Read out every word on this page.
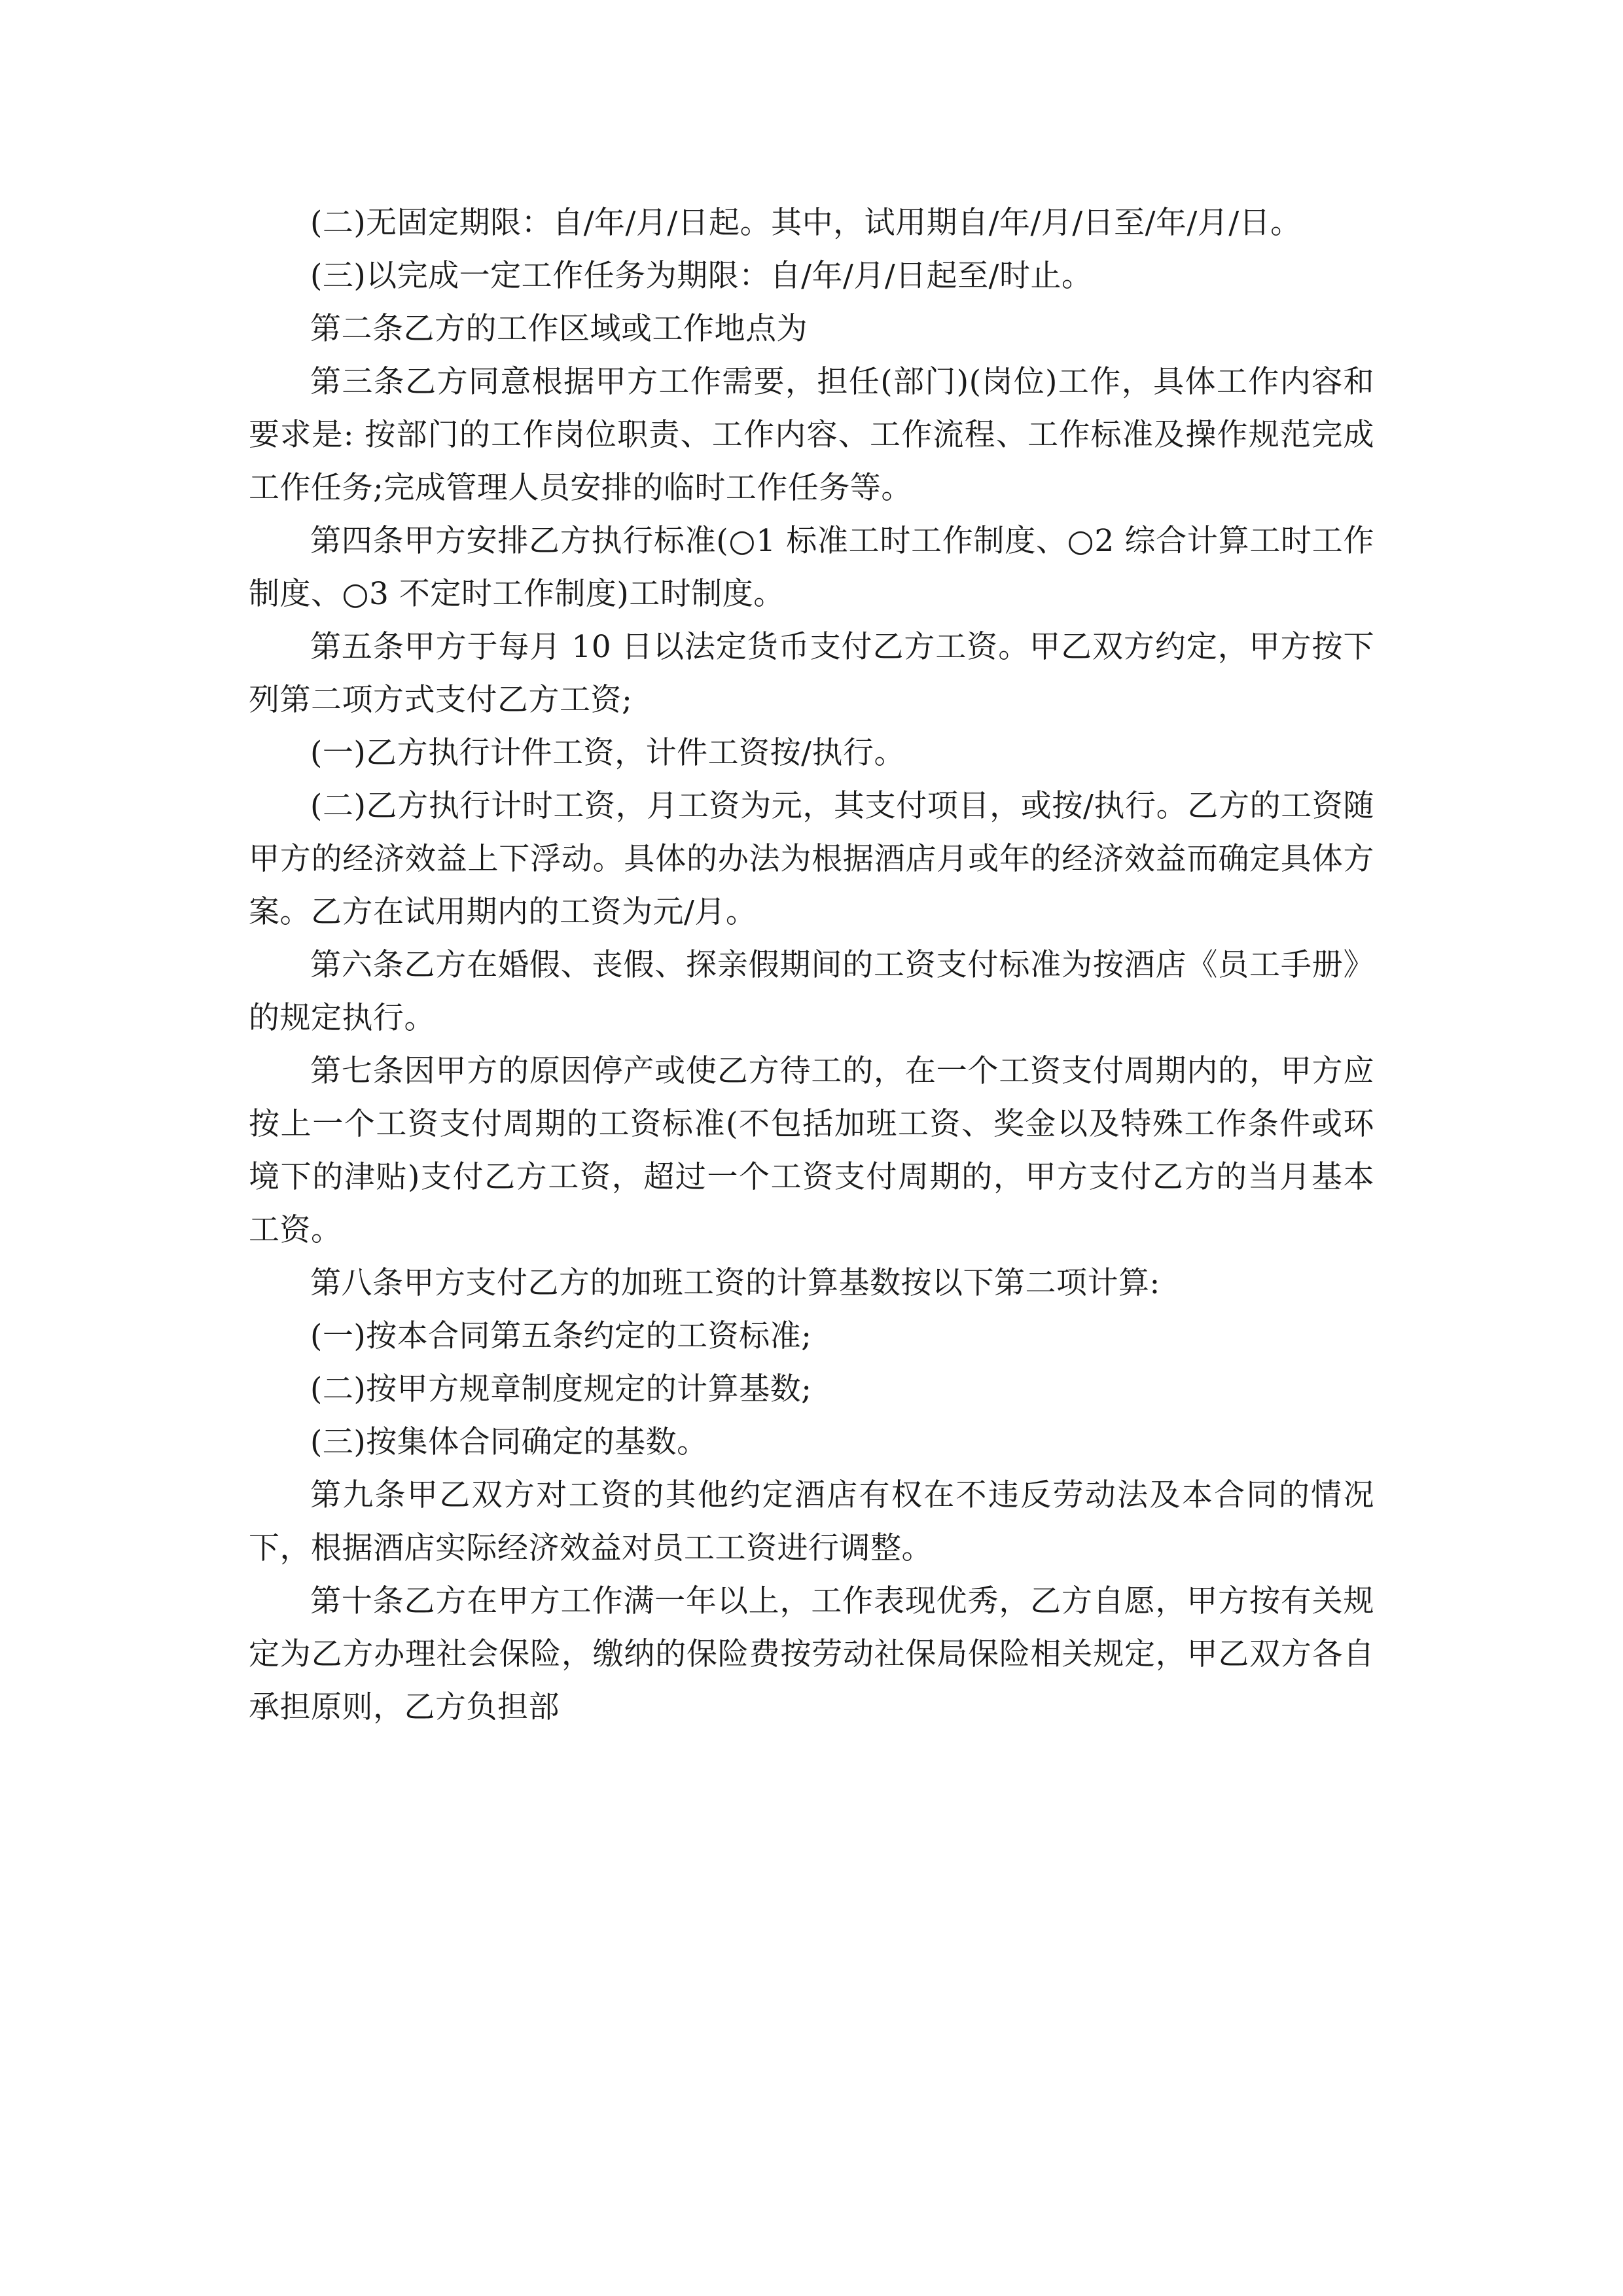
(二)无固定期限：自/年/月/日起。其中，试用期自/年/月/日至/年/月/日。

(三)以完成一定工作任务为期限：自/年/月/日起至/时止。

第二条乙方的工作区域或工作地点为

第三条乙方同意根据甲方工作需要，担任(部门)(岗位)工作，具体工作内容和要求是: 按部门的工作岗位职责、工作内容、工作流程、工作标准及操作规范完成工作任务;完成管理人员安排的临时工作任务等。

第四条甲方安排乙方执行标准(○1 标准工时工作制度、○2 综合计算工时工作制度、○3 不定时工作制度)工时制度。

第五条甲方于每月 10 日以法定货币支付乙方工资。甲乙双方约定，甲方按下列第二项方式支付乙方工资;

(一)乙方执行计件工资，计件工资按/执行。

(二)乙方执行计时工资，月工资为元，其支付项目，或按/执行。乙方的工资随甲方的经济效益上下浮动。具体的办法为根据酒店月或年的经济效益而确定具体方案。乙方在试用期内的工资为元/月。

第六条乙方在婚假、丧假、探亲假期间的工资支付标准为按酒店《员工手册》的规定执行。

第七条因甲方的原因停产或使乙方待工的，在一个工资支付周期内的，甲方应按上一个工资支付周期的工资标准(不包括加班工资、奖金以及特殊工作条件或环境下的津贴)支付乙方工资，超过一个工资支付周期的，甲方支付乙方的当月基本工资。

第八条甲方支付乙方的加班工资的计算基数按以下第二项计算:

(一)按本合同第五条约定的工资标准;

(二)按甲方规章制度规定的计算基数;

(三)按集体合同确定的基数。

第九条甲乙双方对工资的其他约定酒店有权在不违反劳动法及本合同的情况下，根据酒店实际经济效益对员工工资进行调整。

第十条乙方在甲方工作满一年以上，工作表现优秀，乙方自愿，甲方按有关规定为乙方办理社会保险，缴纳的保险费按劳动社保局保险相关规定，甲乙双方各自承担原则，乙方负担部
